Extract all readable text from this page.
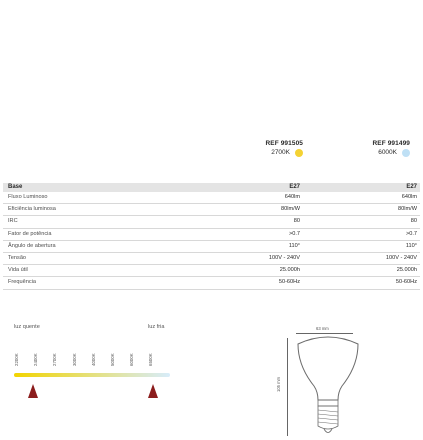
REF 991505
2700K
REF 991499
6000K
Base	E27	E27
Fluxo Luminoso	640lm	640lm
Eficiência luminosa	80lm/W	80lm/W
IRC	80	80
Fator de potência	>0.7	>0.7
Ângulo de abertura	110°	110°
Tensão	100V - 240V	100V - 240V
Vida útil	25.000h	25.000h
Frequência	50-60Hz	50-60Hz
luz quente	luz fria
2200K	2400K	2700K	3000K	4000K	5000K	6000K	6500K
63 mm
105 mm
